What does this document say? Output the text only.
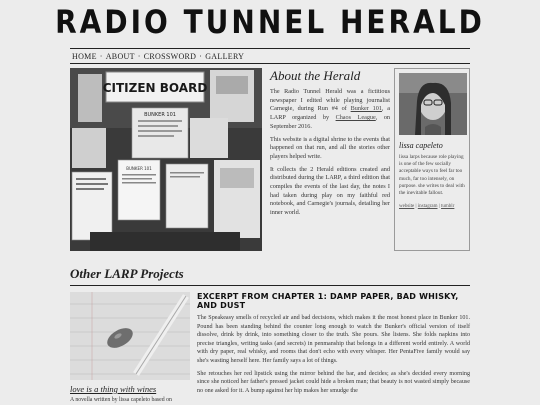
RADIO TUNNEL HERALD
HOME · ABOUT · CROSSWORD · GALLERY
CITIZEN BOARD
BUNKER 101
BUNKER 101
About the Herald

The Radio Tunnel Herald was a fictitious newspaper I edited while playing journalist Carnegie, during Run #4 of Bunker 101, a LARP organized by Chaos League, on September 2016.

This website is a digital shrine to the events that happened on that run, and all the stories other players helped write.

It collects the 2 Herald editions created and distributed during the LARP, a third edition that compiles the events of the last day, the notes I had taken during play on my faithful red notebook, and Carnegie's journals, detailing her inner world.

lissa capeleto
lissa larps because role playing is one of the few socially acceptable ways to feel far too much, far too intensely, on purpose. she writes to deal with the inevitable fallout.
website | instagram | tumblr
Other LARP Projects
love is a thing with wines
A novella written by lissa capeleto based on
EXCERPT FROM CHAPTER 1: DAMP PAPER, BAD WHISKY, AND DUST

The Speakeasy smells of recycled air and bad decisions, which makes it the most honest place in Bunker 101. Pound has been standing behind the counter long enough to watch the Bunker's official version of itself dissolve, drink by drink, into something closer to the truth. She pours. She listens. She folds napkins into precise triangles, writing tasks (and secrets) in penmanship that belongs in a different world entirely. A world with dry paper, real whisky, and rooms that don't echo with every whisper. Her PentaFive family would say she's wasting herself here. Her family says a lot of things.

She retouches her red lipstick using the mirror behind the bar, and decides; as she's decided every morning since she noticed her father's pressed jacket could hide a broken man; that beauty is not wasted simply because no one asked for it. A bump against her hip makes her smudge the
